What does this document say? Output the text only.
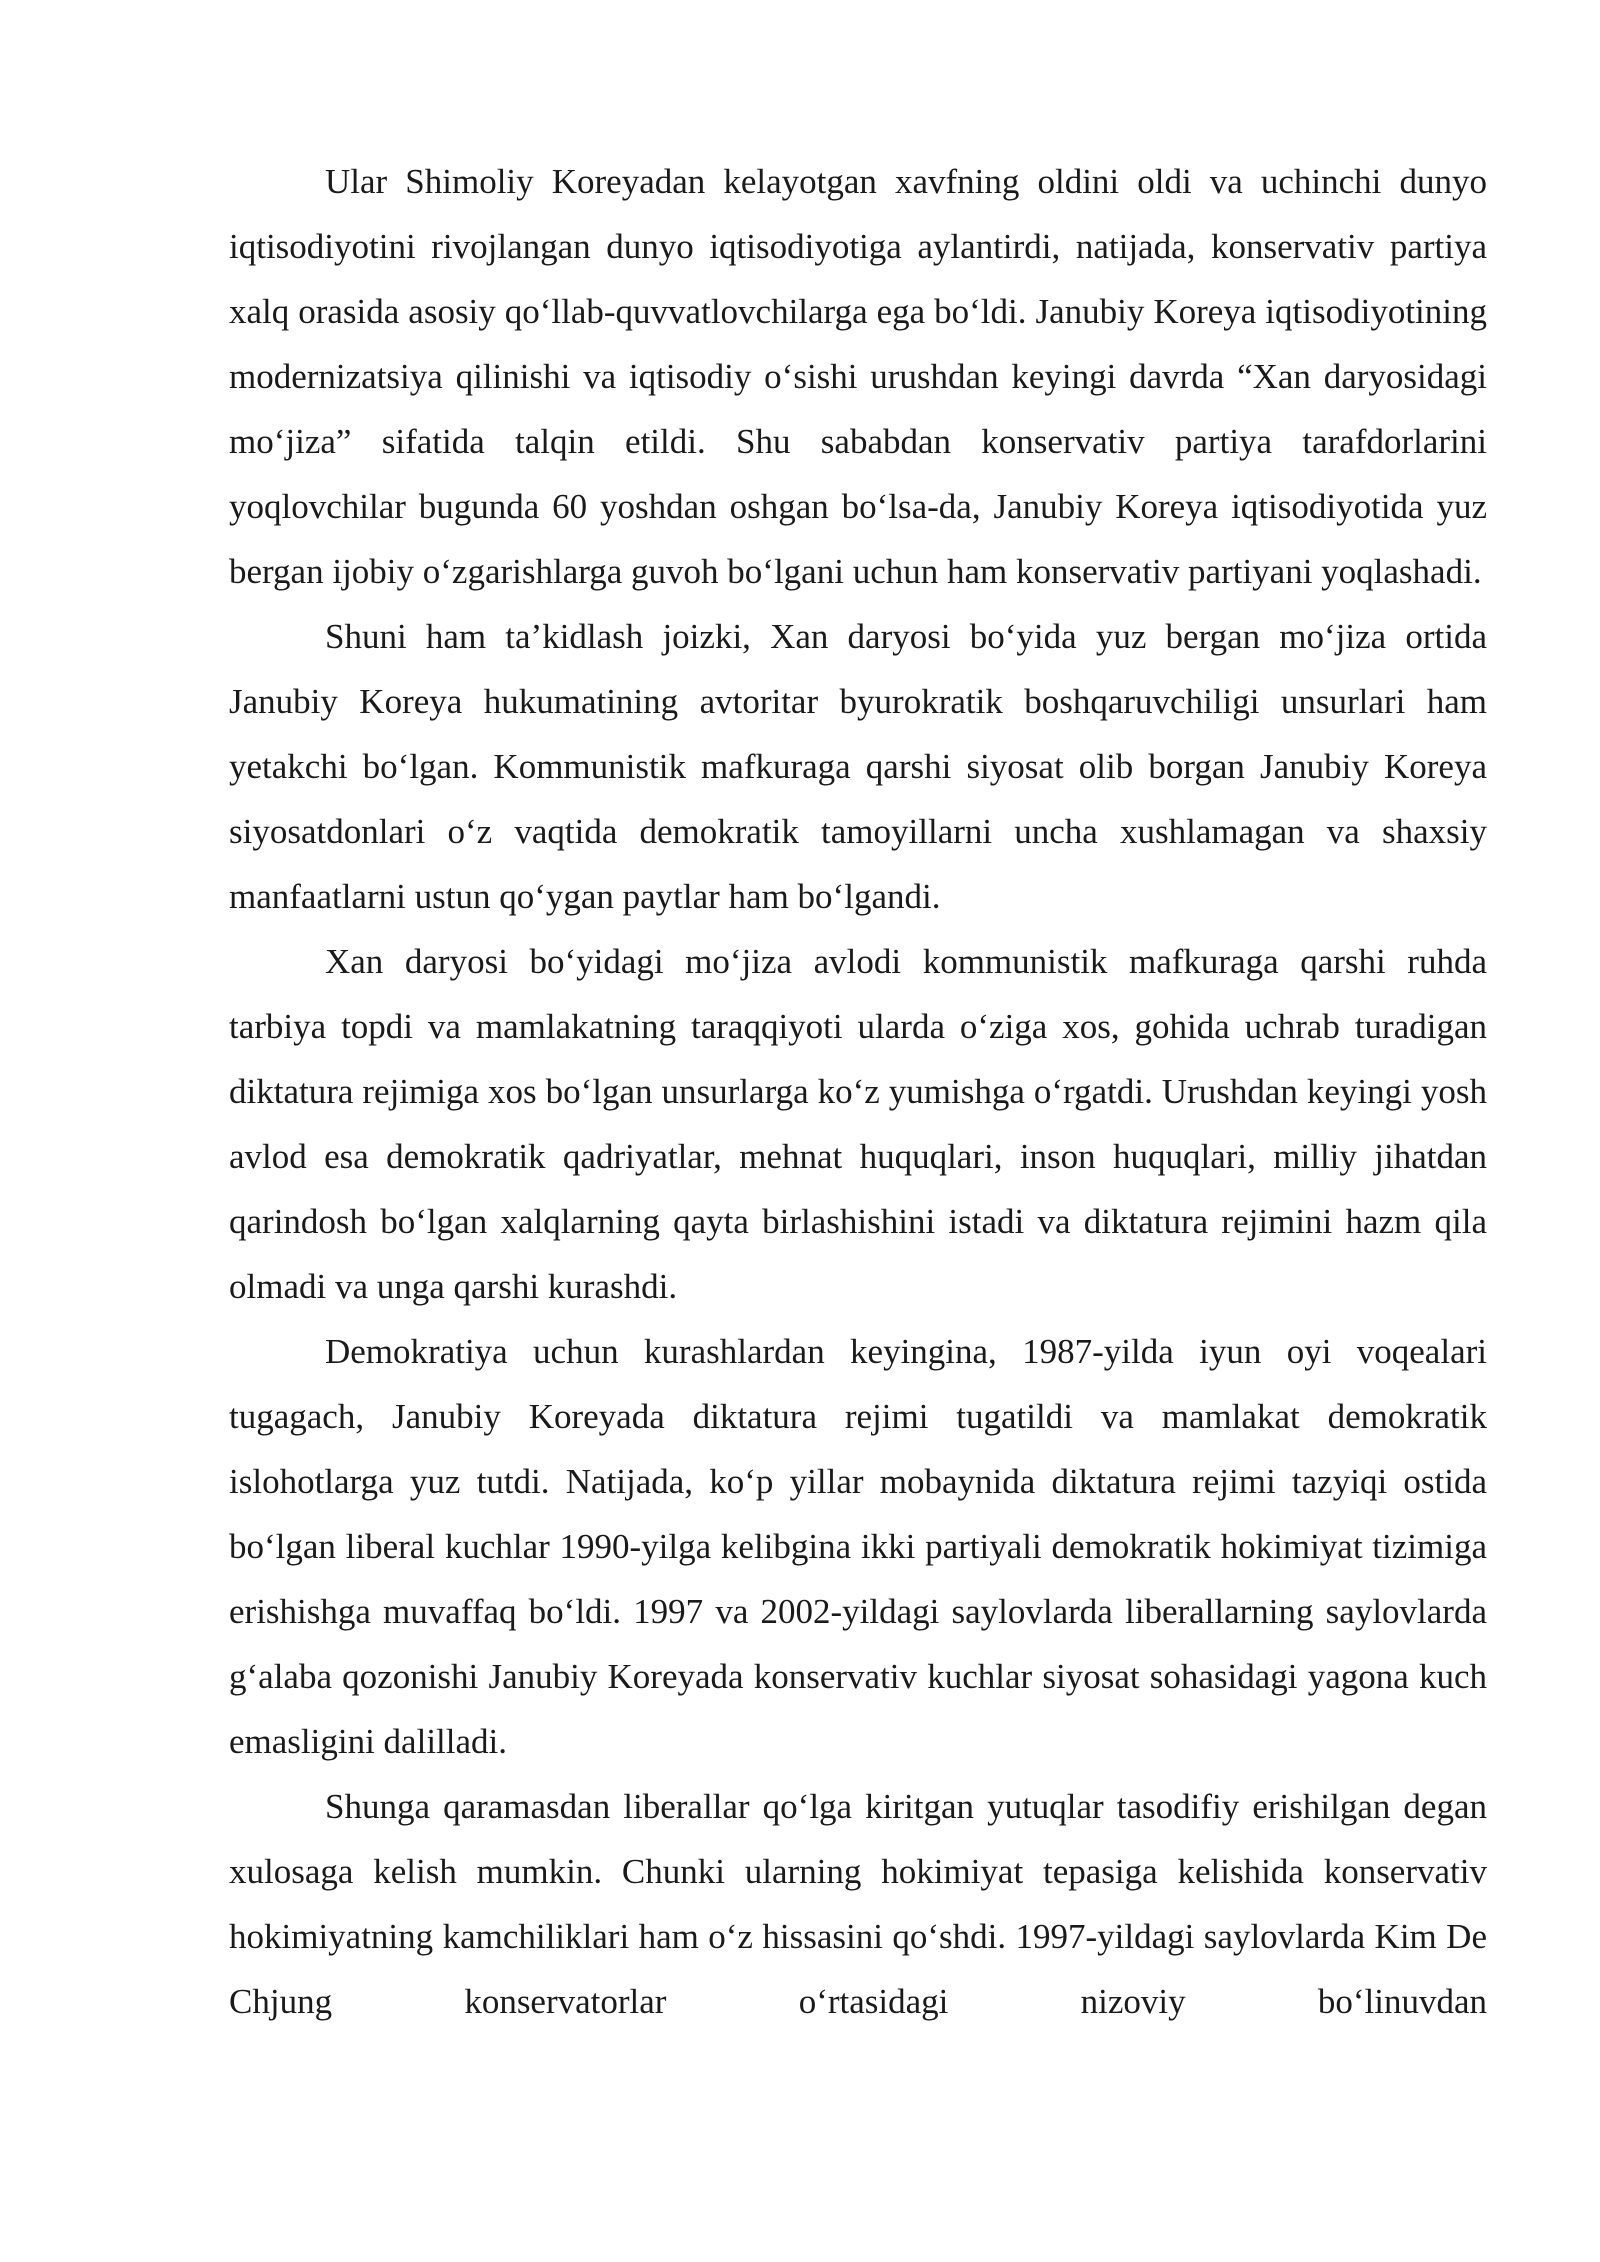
Ular Shimoliy Koreyadan kelayotgan xavfning oldini oldi va uchinchi dunyo iqtisodiyotini rivojlangan dunyo iqtisodiyotiga aylantirdi, natijada, konservativ partiya xalq orasida asosiy qo‘llab-quvvatlovchilarga ega bo‘ldi. Janubiy Koreya iqtisodiyotining modernizatsiya qilinishi va iqtisodiy o‘sishi urushdan keyingi davrda “Xan daryosidagi mo‘jiza” sifatida talqin etildi. Shu sababdan konservativ partiya tarafdorlarini yoqlovchilar bugunda 60 yoshdan oshgan bo‘lsa-da, Janubiy Koreya iqtisodiyotida yuz bergan ijobiy o‘zgarishlarga guvoh bo‘lgani uchun ham konservativ partiyani yoqlashadi.

Shuni ham ta’kidlash joizki, Xan daryosi bo‘yida yuz bergan mo‘jiza ortida Janubiy Koreya hukumatining avtoritar byurokratik boshqaruvchiligi unsurlari ham yetakchi bo‘lgan. Kommunistik mafkuraga qarshi siyosat olib borgan Janubiy Koreya siyosatdonlari o‘z vaqtida demokratik tamoyillarni uncha xushlamagan va shaxsiy manfaatlarni ustun qo‘ygan paytlar ham bo‘lgandi.

Xan daryosi bo‘yidagi mo‘jiza avlodi kommunistik mafkuraga qarshi ruhda tarbiya topdi va mamlakatning taraqqiyoti ularda o‘ziga xos, gohida uchrab turadigan diktatura rejimiga xos bo‘lgan unsurlarga ko‘z yumishga o‘rgatdi. Urushdan keyingi yosh avlod esa demokratik qadriyatlar, mehnat huquqlari, inson huquqlari, milliy jihatdan qarindosh bo‘lgan xalqlarning qayta birlashishini istadi va diktatura rejimini hazm qila olmadi va unga qarshi kurashdi.

Demokratiya uchun kurashlardan keyingina, 1987-yilda iyun oyi voqealari tugagach, Janubiy Koreyada diktatura rejimi tugatildi va mamlakat demokratik islohotlarga yuz tutdi. Natijada, ko‘p yillar mobaynida diktatura rejimi tazyiqi ostida bo‘lgan liberal kuchlar 1990-yilga kelibgina ikki partiyali demokratik hokimiyat tizimiga erishishga muvaffaq bo‘ldi. 1997 va 2002-yildagi saylovlarda liberallarning saylovlarda g‘alaba qozonishi Janubiy Koreyada konservativ kuchlar siyosat sohasidagi yagona kuch emasligini dalilladi.

Shunga qaramasdan liberallar qo‘lga kiritgan yutuqlar tasodifiy erishilgan degan xulosaga kelish mumkin. Chunki ularning hokimiyat tepasiga kelishida konservativ hokimiyatning kamchiliklari ham o‘z hissasini qo‘shdi. 1997-yildagi saylovlarda Kim De Chjung konservatorlar o‘rtasidagi nizoviy bo‘linuvdan
